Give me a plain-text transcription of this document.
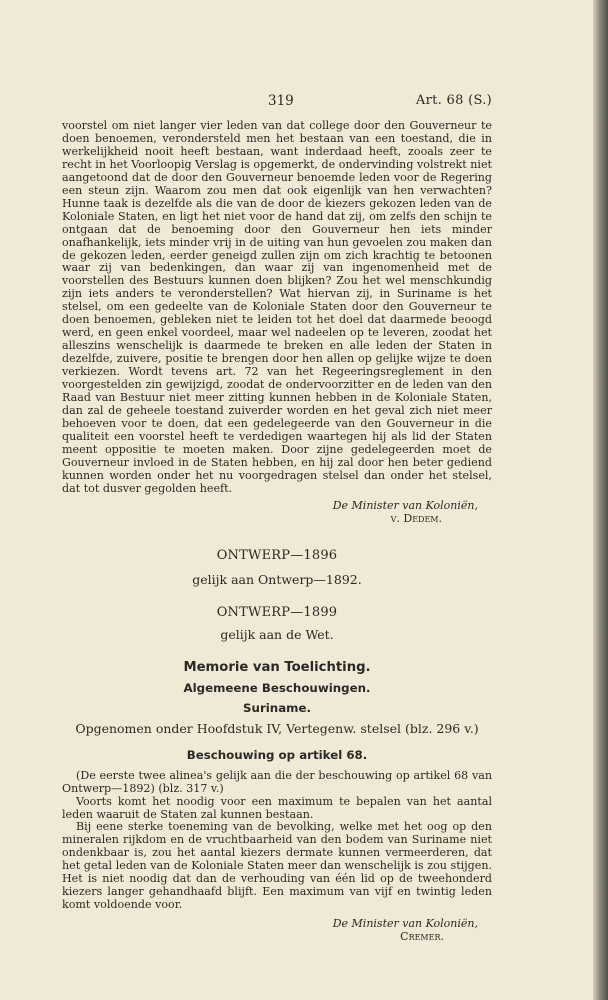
319	Art. 68 (S.)

voorstel om niet langer vier leden van dat college door den Gouverneur te doen benoemen, verondersteld men het bestaan van een toestand, die in werkelijkheid nooit heeft bestaan, want inderdaad heeft, zooals zeer te recht in het Voorloopig Verslag is opgemerkt, de ondervinding volstrekt niet aangetoond dat de door den Gouverneur benoemde leden voor de Regering een steun zijn. Waarom zou men dat ook eigenlijk van hen verwachten? Hunne taak is dezelfde als die van de door de kiezers gekozen leden van de Koloniale Staten, en ligt het niet voor de hand dat zij, om zelfs den schijn te ontgaan dat de benoeming door den Gouverneur hen iets minder onafhankelijk, iets minder vrij in de uiting van hun gevoelen zou maken dan de gekozen leden, eerder geneigd zullen zijn om zich krachtig te betoonen waar zij van bedenkingen, dan waar zij van ingenomenheid met de voorstellen des Bestuurs kunnen doen blijken? Zou het wel menschkundig zijn iets anders te veronderstellen? Wat hiervan zij, in Suriname is het stelsel, om een gedeelte van de Koloniale Staten door den Gouverneur te doen benoemen, gebleken niet te leiden tot het doel dat daarmede beoogd werd, en geen enkel voordeel, maar wel nadeelen op te leveren, zoodat het alleszins wenschelijk is daarmede te breken en alle leden der Staten in dezelfde, zuivere, positie te brengen door hen allen op gelijke wijze te doen verkiezen. Wordt tevens art. 72 van het Regeeringsreglement in den voorgestelden zin gewijzigd, zoodat de ondervoorzitter en de leden van den Raad van Bestuur niet meer zitting kunnen hebben in de Koloniale Staten, dan zal de geheele toestand zuiverder worden en het geval zich niet meer behoeven voor te doen, dat een gedelegeerde van den Gouverneur in die qualiteit een voorstel heeft te verdedigen waartegen hij als lid der Staten meent oppositie te moeten maken. Door zijne gedelegeerden moet de Gouverneur invloed in de Staten hebben, en hij zal door hen beter gediend kunnen worden onder het nu voorgedragen stelsel dan onder het stelsel, dat tot dusver gegolden heeft.

De Minister van Koloniën,

v. Dedem.

ONTWERP—1896

gelijk aan Ontwerp—1892.

ONTWERP—1899

gelijk aan de Wet.

Memorie van Toelichting.

Algemeene Beschouwingen.

Suriname.

Opgenomen onder Hoofdstuk IV, Vertegenw. stelsel (blz. 296 v.)

Beschouwing op artikel 68.

(De eerste twee alinea's gelijk aan die der beschouwing op artikel 68 van Ontwerp—1892) (blz. 317 v.)

Voorts komt het noodig voor een maximum te bepalen van het aantal leden waaruit de Staten zal kunnen bestaan.

Bij eene sterke toeneming van de bevolking, welke met het oog op den mineralen rijkdom en de vruchtbaarheid van den bodem van Suriname niet ondenkbaar is, zou het aantal kiezers dermate kunnen vermeerderen, dat het getal leden van de Koloniale Staten meer dan wenschelijk is zou stijgen. Het is niet noodig dat dan de verhouding van één lid op de tweehonderd kiezers langer gehandhaafd blijft. Een maximum van vijf en twintig leden komt voldoende voor.

De Minister van Koloniën,

Cremer.
